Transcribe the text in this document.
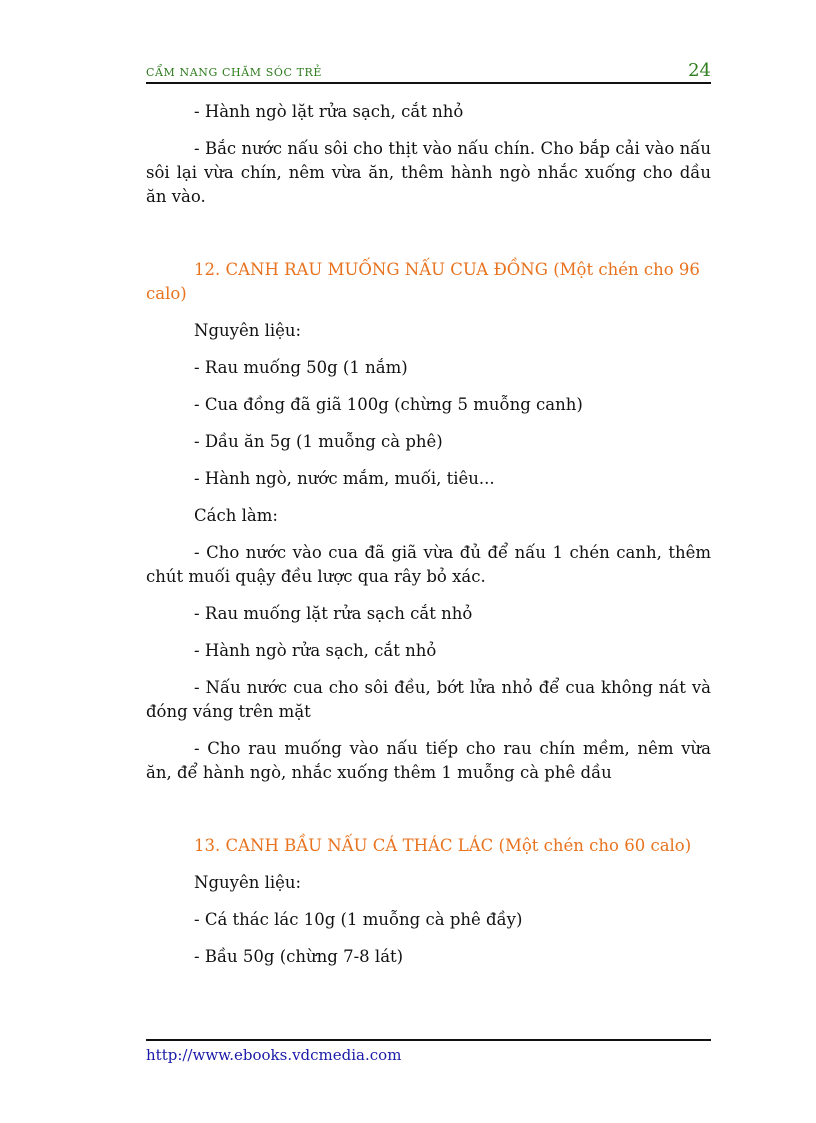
CẨM NANG CHĂM SÓC TRẺ	24

- Hành ngò lặt rửa sạch, cắt nhỏ

- Bắc nước nấu sôi cho thịt vào nấu chín. Cho bắp cải vào nấu sôi lại vừa chín, nêm vừa ăn, thêm hành ngò nhắc xuống cho dầu ăn vào.

12. CANH RAU MUỐNG NẤU CUA ĐỒNG (Một chén cho 96 calo)

Nguyên liệu:

- Rau muống 50g (1 nắm)

- Cua đồng đã giã 100g (chừng 5 muỗng canh)

- Dầu ăn 5g (1 muỗng cà phê)

- Hành ngò, nước mắm, muối, tiêu...

Cách làm:

- Cho nước vào cua đã giã vừa đủ để nấu 1 chén canh, thêm chút muối quậy đều lược qua rây bỏ xác.

- Rau muống lặt rửa sạch cắt nhỏ

- Hành ngò rửa sạch, cắt nhỏ

- Nấu nước cua cho sôi đều, bớt lửa nhỏ để cua không nát và đóng váng trên mặt

- Cho rau muống vào nấu tiếp cho rau chín mềm, nêm vừa ăn, để hành ngò, nhắc xuống thêm 1 muỗng cà phê dầu

13. CANH BẦU NẤU CÁ THÁC LÁC (Một chén cho 60 calo)

Nguyên liệu:

- Cá thác lác 10g (1 muỗng cà phê đầy)

- Bầu 50g (chừng 7-8 lát)

http://www.ebooks.vdcmedia.com
